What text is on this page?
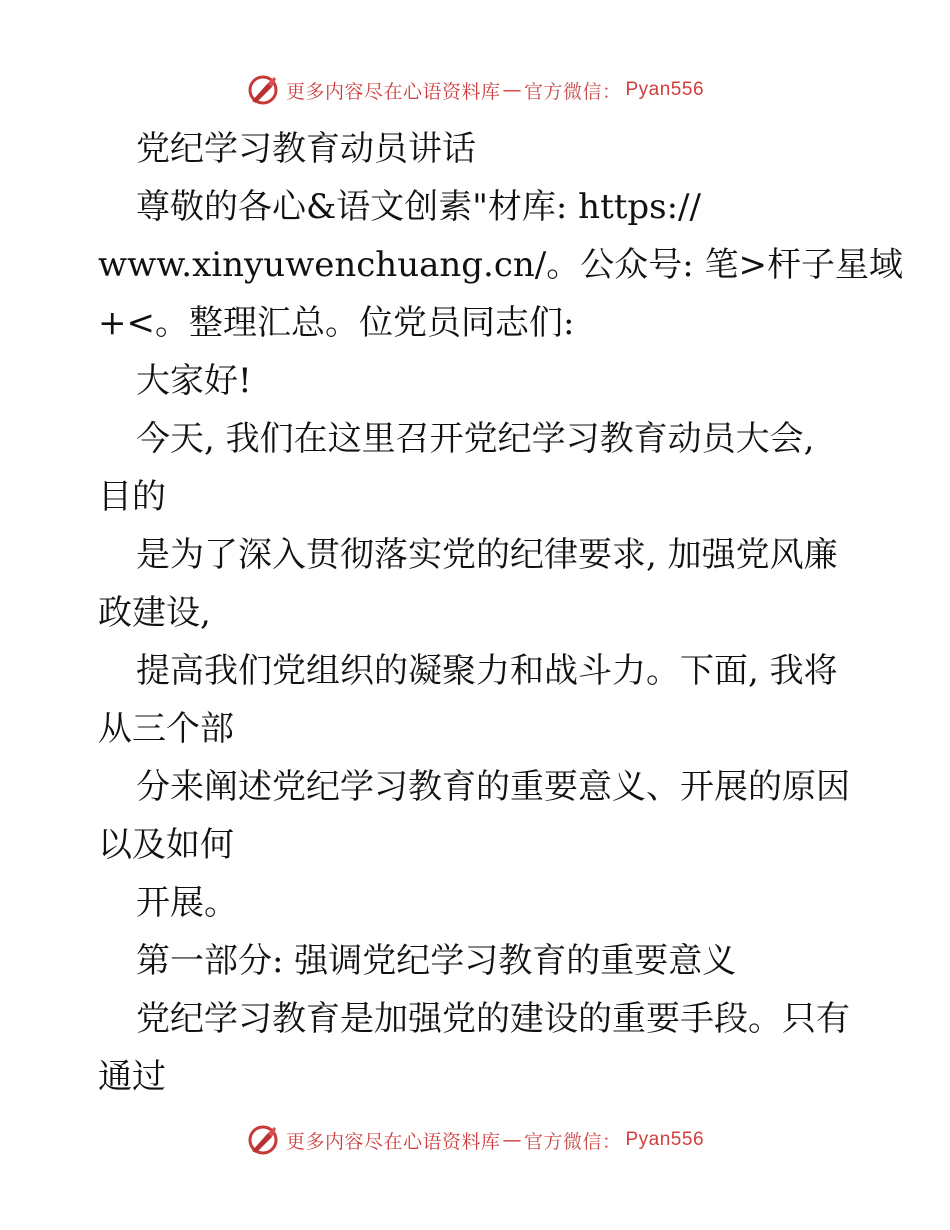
更多内容尽在心语资料库 — 官方微信： Pyan556
党纪学习教育动员讲话
尊敬的各心&语文创素"材库: https://
www.xinyuwenchuang.cn/。公众号: 笔>杆子星域
+<。整理汇总。位党员同志们:
大家好!
今天, 我们在这里召开党纪学习教育动员大会,
目的
是为了深入贯彻落实党的纪律要求, 加强党风廉
政建设,
提高我们党组织的凝聚力和战斗力。下面, 我将
从三个部
分来阐述党纪学习教育的重要意义、开展的原因
以及如何
开展。
第一部分: 强调党纪学习教育的重要意义
党纪学习教育是加强党的建设的重要手段。只有
通过
更多内容尽在心语资料库 — 官方微信： Pyan556
